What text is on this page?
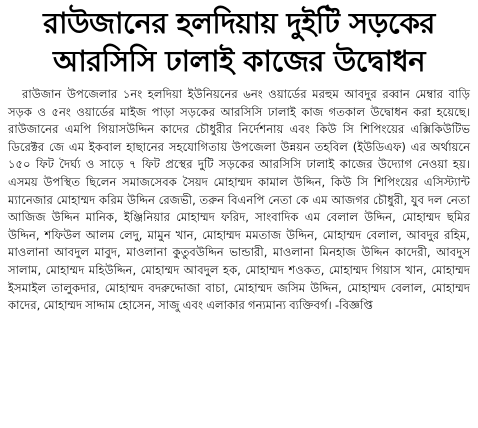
রাউজানের হলদিয়ায় দুইটি সড়কের
আরসিসি ঢালাই কাজের উদ্বোধন

রাউজান উপজেলার ১নং হলদিয়া ইউনিয়নের ৬নং ওয়ার্ডের মরহুম আবদুর রব্বান মেম্বার বাড়ি সড়ক ও ৫নং ওয়ার্ডের মাইজ পাড়া সড়কের আরসিসি ঢালাই কাজ গতকাল উদ্বোধন করা হয়েছে। রাউজানের এমপি গিয়াসউদ্দিন কাদের চৌধুরীর নির্দেশনায় এবং কিউ সি শিপিংয়ের এক্সিকিউটিভ ডিরেক্টর জে এম ইকবাল হাছানের সহযোগিতায় উপজেলা উন্নয়ন তহবিল (ইউডিএফ) এর অর্থায়নে ১৫০ ফিট দৈর্ঘ্য ও সাড়ে ৭ ফিট প্রস্থের দুটি সড়কের আরসিসি ঢালাই কাজের উদ্যোগ নেওয়া হয়। এসময় উপস্থিত ছিলেন সমাজসেবক সৈয়দ মোহাম্মদ কামাল উদ্দিন, কিউ সি শিপিংয়ের এসিস্ট্যান্ট ম্যানেজার মোহাম্মদ করিম উদ্দিন রেজভী, তরুন বিএনপি নেতা কে এম আজগর চৌধুরী, যুব দল নেতা আজিজ উদ্দিন মানিক, ইঞ্জিনিয়ার মোহাম্মদ ফরিদ, সাংবাদিক এম বেলাল উদ্দিন, মোহাম্মদ ছমির উদ্দিন, শফিউল আলম লেদু, মামুন খান, মোহাম্মদ মমতাজ উদ্দিন, মোহাম্মদ বেলাল, আবদুর রহিম, মাওলানা আবদুল মাবুদ, মাওলানা কুতুবউদ্দিন ভান্ডারী, মাওলানা মিনহাজ উদ্দিন কাদেরী, আবদুস সালাম, মোহাম্মদ মহিউদ্দিন, মোহাম্মদ আবদুল হক, মোহাম্মদ শওকত, মোহাম্মদ গিয়াস খান, মোহাম্মদ ইসমাইল তালুকদার, মোহাম্মদ বদরুদ্দোজা বাচা, মোহাম্মদ জসিম উদ্দিন, মোহাম্মদ বেলাল, মোহাম্মদ কাদের, মোহাম্মদ সাদ্দাম হোসেন, সাজু এবং এলাকার গন্যমান্য ব্যক্তিবর্গ। -বিজ্ঞপ্তি
